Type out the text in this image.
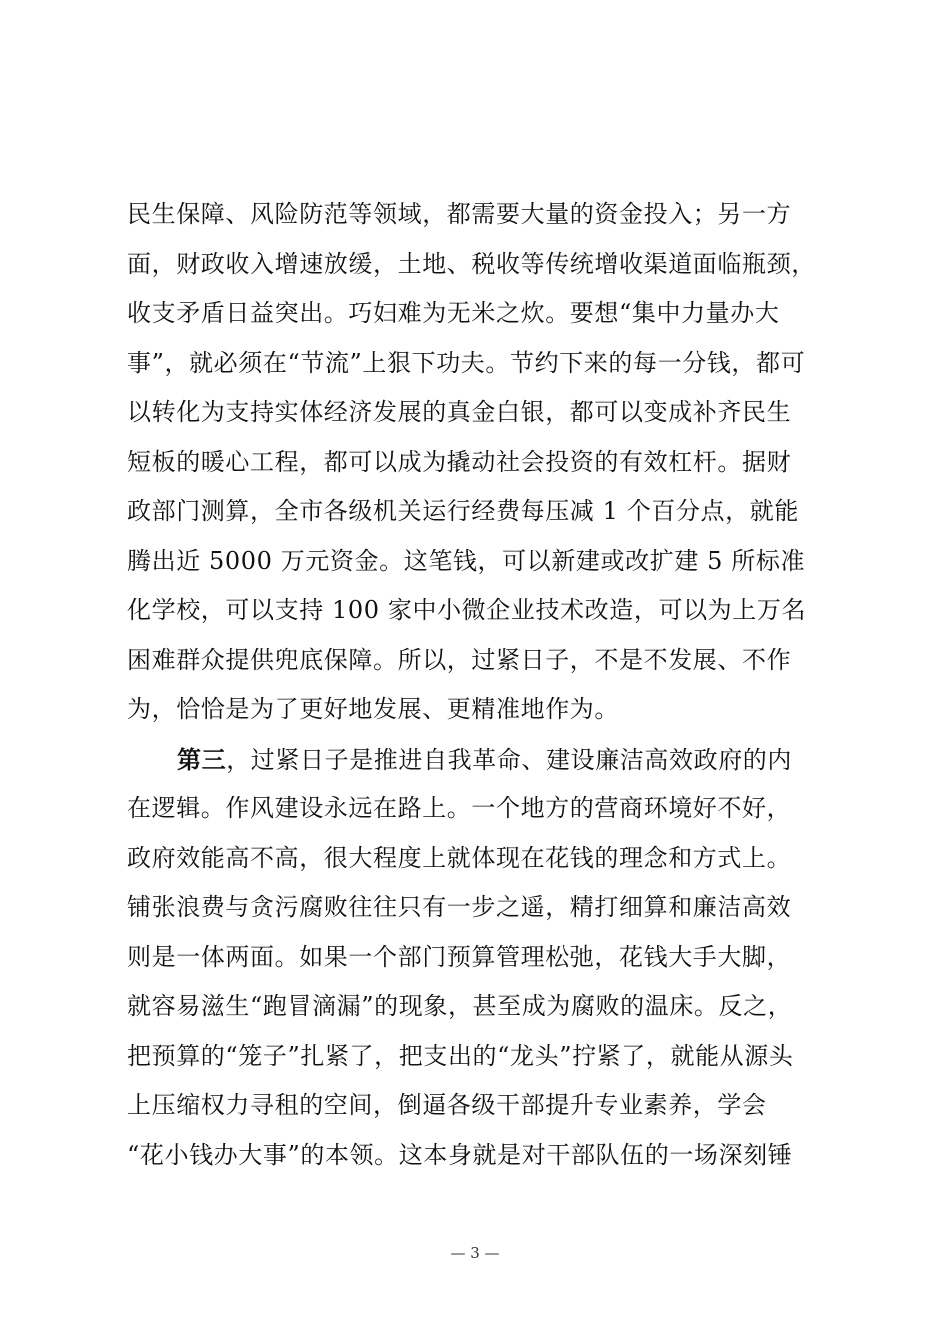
民生保障、风险防范等领域，都需要大量的资金投入；另一方
面，财政收入增速放缓，土地、税收等传统增收渠道面临瓶颈，
收支矛盾日益突出。巧妇难为无米之炊。要想“集中力量办大
事”，就必须在“节流”上狠下功夫。节约下来的每一分钱，都可
以转化为支持实体经济发展的真金白银，都可以变成补齐民生
短板的暖心工程，都可以成为撬动社会投资的有效杠杆。据财
政部门测算，全市各级机关运行经费每压减 1 个百分点，就能
腾出近 5000 万元资金。这笔钱，可以新建或改扩建 5 所标准
化学校，可以支持 100 家中小微企业技术改造，可以为上万名
困难群众提供兜底保障。所以，过紧日子，不是不发展、不作
为，恰恰是为了更好地发展、更精准地作为。
第三，过紧日子是推进自我革命、建设廉洁高效政府的内
在逻辑。作风建设永远在路上。一个地方的营商环境好不好，
政府效能高不高，很大程度上就体现在花钱的理念和方式上。
铺张浪费与贪污腐败往往只有一步之遥，精打细算和廉洁高效
则是一体两面。如果一个部门预算管理松弛，花钱大手大脚，
就容易滋生“跑冒滴漏”的现象，甚至成为腐败的温床。反之，
把预算的“笼子”扎紧了，把支出的“龙头”拧紧了，就能从源头
上压缩权力寻租的空间，倒逼各级干部提升专业素养，学会
“花小钱办大事”的本领。这本身就是对干部队伍的一场深刻锤
— 3 —
